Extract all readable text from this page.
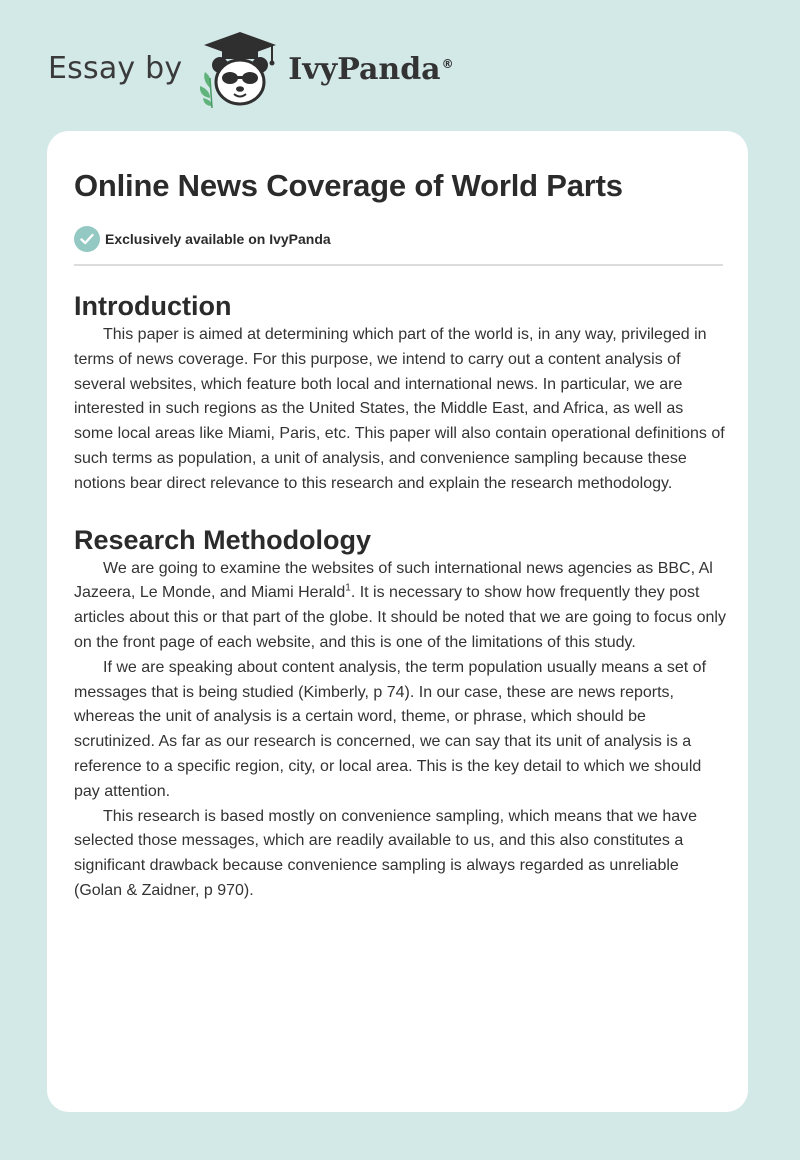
Essay by	IvyPanda®
Online News Coverage of World Parts
Exclusively available on IvyPanda
Introduction

This paper is aimed at determining which part of the world is, in any way, privileged in terms of news coverage. For this purpose, we intend to carry out a content analysis of several websites, which feature both local and international news. In particular, we are interested in such regions as the United States, the Middle East, and Africa, as well as some local areas like Miami, Paris, etc. This paper will also contain operational definitions of such terms as population, a unit of analysis, and convenience sampling because these notions bear direct relevance to this research and explain the research methodology.

Research Methodology

We are going to examine the websites of such international news agencies as BBC, Al Jazeera, Le Monde, and Miami Herald$^1$. It is necessary to show how frequently they post articles about this or that part of the globe. It should be noted that we are going to focus only on the front page of each website, and this is one of the limitations of this study.

If we are speaking about content analysis, the term population usually means a set of messages that is being studied (Kimberly, p 74). In our case, these are news reports, whereas the unit of analysis is a certain word, theme, or phrase, which should be scrutinized. As far as our research is concerned, we can say that its unit of analysis is a reference to a specific region, city, or local area. This is the key detail to which we should pay attention.

This research is based mostly on convenience sampling, which means that we have selected those messages, which are readily available to us, and this also constitutes a significant drawback because convenience sampling is always regarded as unreliable (Golan & Zaidner, p 970).
